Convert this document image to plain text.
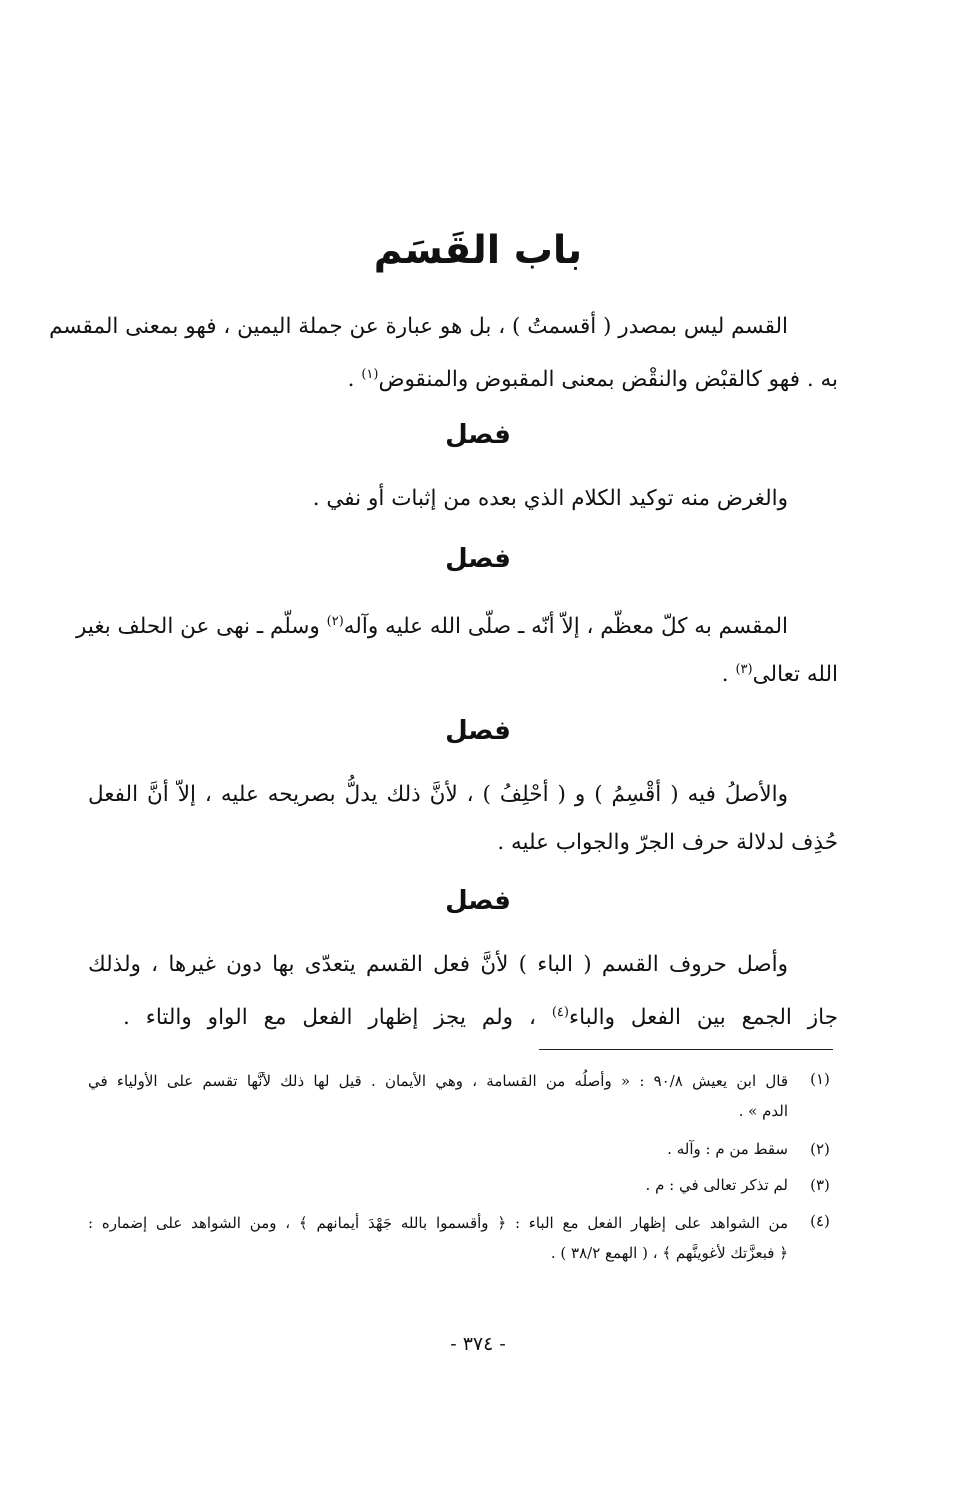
باب القَسَم
القسم ليس بمصدر ( أقسمتُ ) ، بل هو عبارة عن جملة اليمين ، فهو بمعنى المقسم
به . فهو كالقبْض والنقْض بمعنى المقبوض والمنقوض$^{(١)}$ .
فصل
والغرض منه توكيد الكلام الذي بعده من إثبات أو نفي .
فصل
المقسم به كلّ معظّم ، إلاّ أنّه ـ صلّى الله عليه وآله$^{(٢)}$ وسلّم ـ نهى عن الحلف بغير
الله تعالى$^{(٣)}$ .
فصل
والأصلُ فيه ( أقْسِمُ ) و ( أحْلِفُ ) ، لأنَّ ذلك يدلُّ بصريحه عليه ، إلاّ أنَّ الفعل
حُذِف لدلالة حرف الجرّ والجواب عليه .
فصل
وأصل حروف القسم ( الباء ) لأنَّ فعل القسم يتعدّى بها دون غيرها ، ولذلك
جاز الجمع بين الفعل والباء$^{(٤)}$ ، ولم يجز إظهار الفعل مع الواو والتاء .
(١)
قال ابن يعيش ٩٠/٨ : « وأصلُه من القسامة ، وهي الأيمان . قيل لها ذلك لأنَّها تقسم على الأولياء في
الدم » .
(٢)
سقط من م : وآله .
(٣)
لم تذكر تعالى في : م .
(٤)
من الشواهد على إظهار الفعل مع الباء : ﴿ وأقسموا بالله جَهْدَ أيمانهم ﴾ ، ومن الشواهد على إضماره :
﴿ فبعزَّتك لأغوينَّهم ﴾ ، ( الهمع ٣٨/٢ ) .
- ٣٧٤ -
